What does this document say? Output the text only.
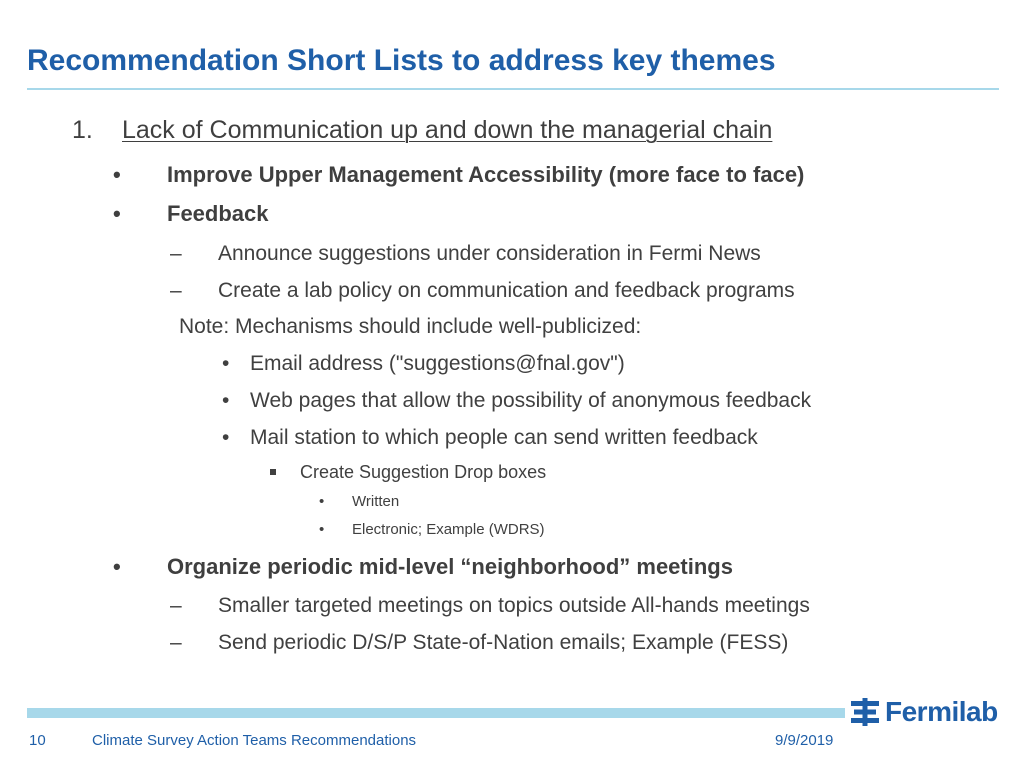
Recommendation Short Lists to address key themes
1. Lack of Communication up and down the managerial chain
• Improve Upper Management Accessibility (more face to face)
• Feedback
– Announce suggestions under consideration in Fermi News
– Create a lab policy on communication and feedback programs
Note: Mechanisms should include well-publicized:
• Email address ("suggestions@fnal.gov")
• Web pages that allow the possibility of anonymous feedback
• Mail station to which people can send written feedback
Create Suggestion Drop boxes
• Written
• Electronic; Example (WDRS)
• Organize periodic mid-level “neighborhood” meetings
– Smaller targeted meetings on topics outside All-hands meetings
– Send periodic D/S/P State-of-Nation emails; Example (FESS)
Fermilab
10	Climate Survey Action Teams Recommendations	9/9/2019
